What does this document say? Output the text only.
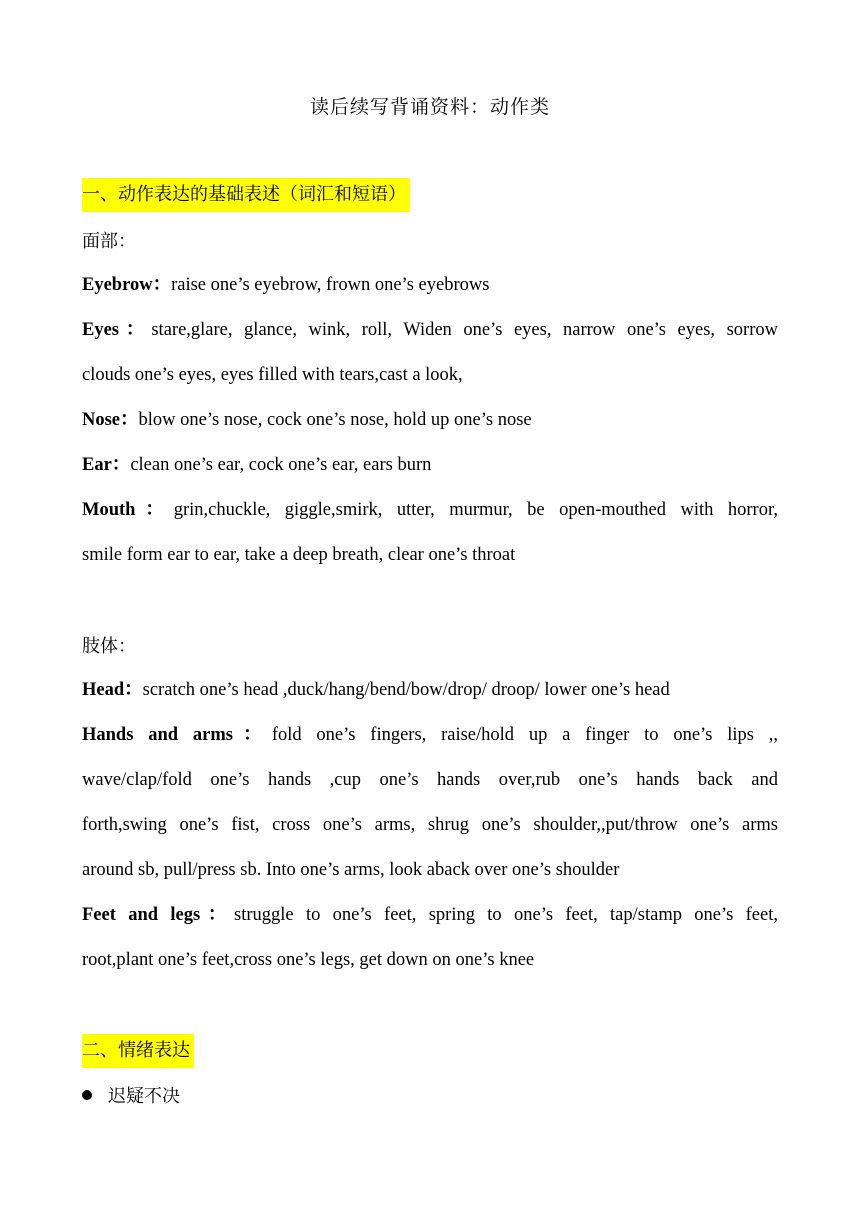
读后续写背诵资料：动作类
一、动作表达的基础表述（词汇和短语）
面部：
Eyebrow：raise one’s eyebrow, frown one’s eyebrows
Eyes：stare,glare, glance, wink, roll, Widen one’s eyes, narrow one’s eyes, sorrow
clouds one’s eyes, eyes filled with tears,cast a look,
Nose：blow one’s nose, cock one’s nose, hold up one’s nose
Ear：clean one’s ear, cock one’s ear, ears burn
Mouth：grin,chuckle, giggle,smirk, utter, murmur, be open-mouthed with horror,
smile form ear to ear, take a deep breath, clear one’s throat
肢体：
Head：scratch one’s head ,duck/hang/bend/bow/drop/ droop/ lower one’s head
Hands and arms：fold one’s fingers, raise/hold up a finger to one’s lips ,,
wave/clap/fold one’s hands ,cup one’s hands over,rub one’s hands back and
forth,swing one’s fist, cross one’s arms, shrug one’s shoulder,,put/throw one’s arms
around sb, pull/press sb. Into one’s arms, look aback over one’s shoulder
Feet and legs：struggle to one’s feet, spring to one’s feet, tap/stamp one’s feet,
root,plant one’s feet,cross one’s legs, get down on one’s knee
二、情绪表达
迟疑不决
